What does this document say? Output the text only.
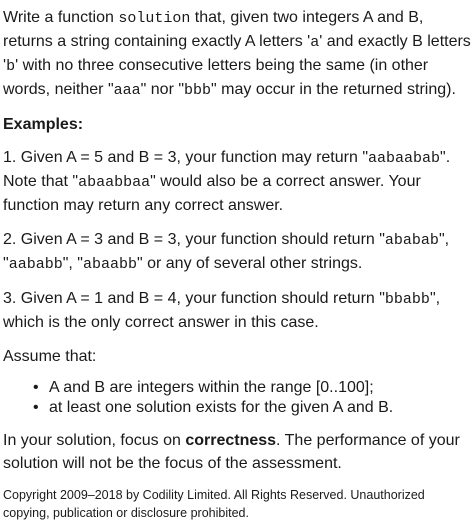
Write a function solution that, given two integers A and B, returns a string containing exactly A letters 'a' and exactly B letters 'b' with no three consecutive letters being the same (in other words, neither "aaa" nor "bbb" may occur in the returned string).

Examples:

1. Given A = 5 and B = 3, your function may return "aabaabab". Note that "abaabbaa" would also be a correct answer. Your function may return any correct answer.

2. Given A = 3 and B = 3, your function should return "ababab", "aababb", "abaabb" or any of several other strings.

3. Given A = 1 and B = 4, your function should return "bbabb", which is the only correct answer in this case.

Assume that:

• A and B are integers within the range [0..100];
• at least one solution exists for the given A and B.

In your solution, focus on correctness. The performance of your solution will not be the focus of the assessment.

Copyright 2009–2018 by Codility Limited. All Rights Reserved. Unauthorized copying, publication or disclosure prohibited.
